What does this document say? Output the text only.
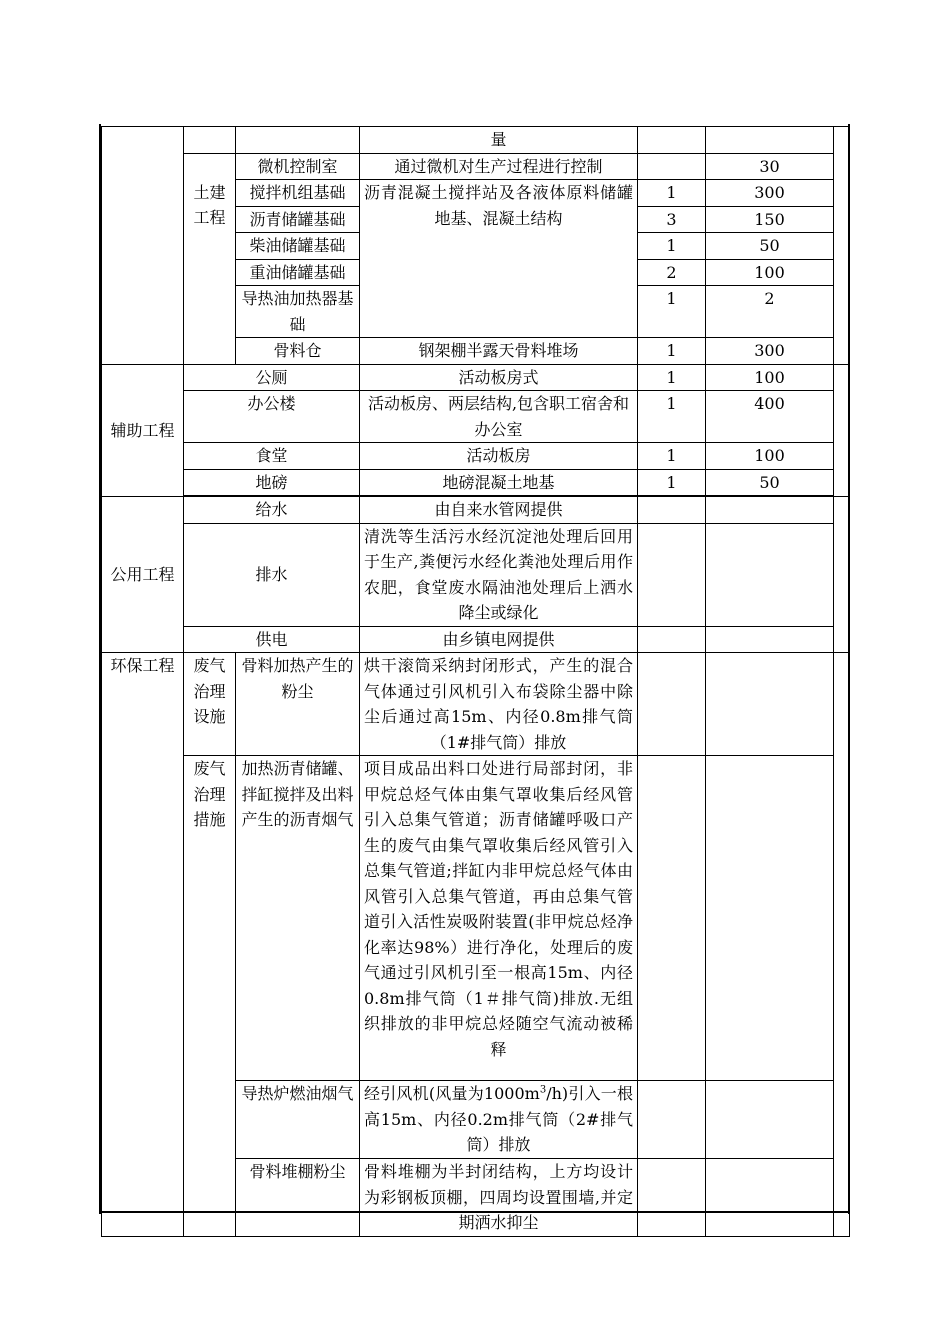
			量			
	土建工程	微机控制室	通过微机对生产过程进行控制		30	
		搅拌机组基础	沥青混凝土搅拌站及各液体原料储罐地基、混凝土结构	1	300	
		沥青储罐基础		3	150	
		柴油储罐基础		1	50	
		重油储罐基础		2	100	
		导热油加热器基础		1	2	
		骨料仓	钢架棚半露天骨料堆场	1	300	
辅助工程	公厕		活动板房式	1	100	
	办公楼		活动板房、两层结构,包含职工宿舍和办公室	1	400	
	食堂		活动板房	1	100	
	地磅		地磅混凝土地基	1	50	

公用工程	给水		由自来水管网提供			
	排水		清洗等生活污水经沉淀池处理后回用于生产,粪便污水经化粪池处理后用作农肥，食堂废水隔油池处理后上洒水降尘或绿化			
	供电		由乡镇电网提供			
环保工程	废气治理设施	骨料加热产生的粉尘	烘干滚筒采纳封闭形式，产生的混合气体通过引风机引入布袋除尘器中除尘后通过高15m、内径0.8m排气筒（1#排气筒）排放			
	废气治理措施	加热沥青储罐、拌缸搅拌及出料产生的沥青烟气	项目成品出料口处进行局部封闭，非甲烷总烃气体由集气罩收集后经风管引入总集气管道；沥青储罐呼吸口产生的废气由集气罩收集后经风管引入总集气管道;拌缸内非甲烷总烃气体由风管引入总集气管道，再由总集气管道引入活性炭吸附装置(非甲烷总烃净化率达98%）进行净化，处理后的废气通过引风机引至一根高15m、内径0.8m排气筒（1＃排气筒)排放.无组织排放的非甲烷总烃随空气流动被稀释			
		导热炉燃油烟气	经引风机(风量为$1000m^3/h$)引入一根高15m、内径0.2m排气筒（2#排气筒）排放			
		骨料堆棚粉尘	骨料堆棚为半封闭结构，上方均设计为彩钢板顶棚，四周均设置围墙,并定期洒水抑尘			
